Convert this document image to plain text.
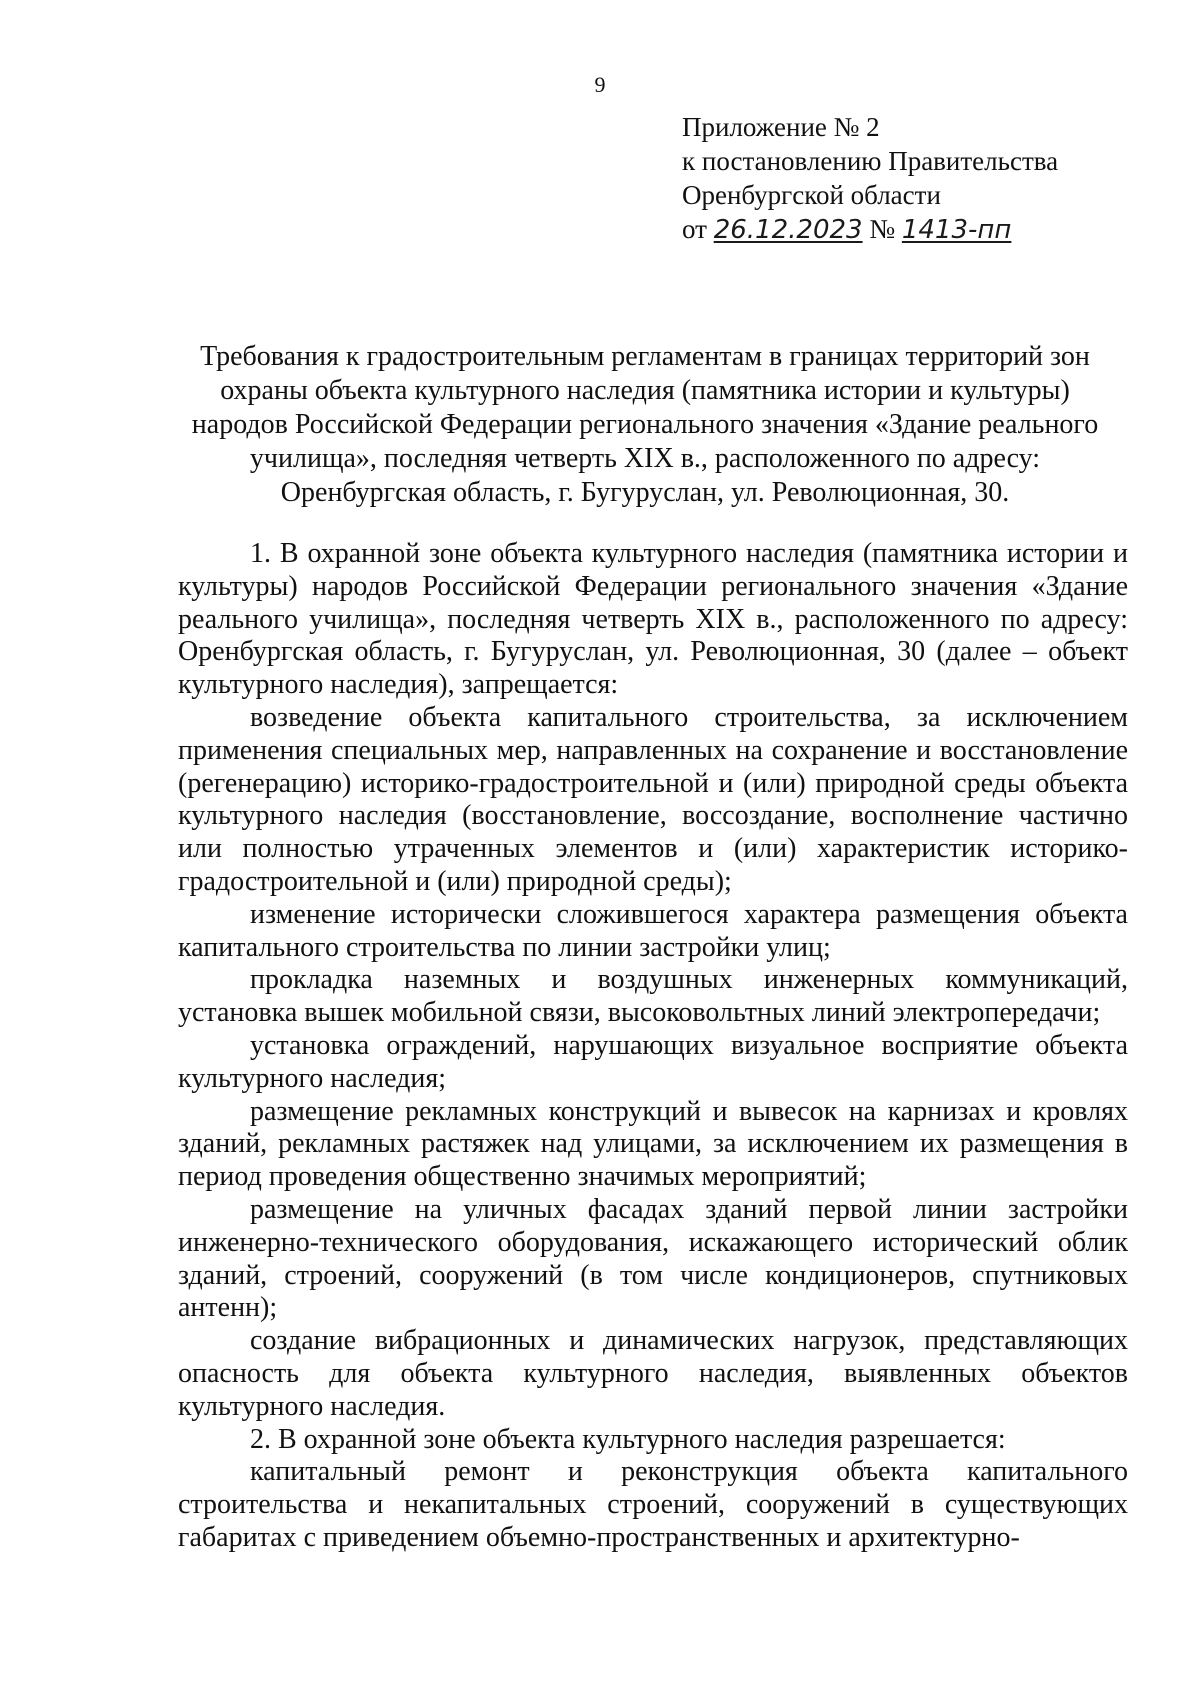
9
Приложение № 2
к постановлению Правительства
Оренбургской области
от 26.12.2023 № 1413-пп
Требования к градостроительным регламентам в границах территорий зон
охраны объекта культурного наследия (памятника истории и культуры)
народов Российской Федерации регионального значения «Здание реального
училища», последняя четверть XIX в., расположенного по адресу:
Оренбургская область, г. Бугуруслан, ул. Революционная, 30.

1. В охранной зоне объекта культурного наследия (памятника истории и культуры) народов Российской Федерации регионального значения «Здание реального училища», последняя четверть XIX в., расположенного по адресу: Оренбургская область, г. Бугуруслан, ул. Революционная, 30 (далее – объект культурного наследия), запрещается:

возведение объекта капитального строительства, за исключением применения специальных мер, направленных на сохранение и восстановление (регенерацию) историко-градостроительной и (или) природной среды объекта культурного наследия (восстановление, воссоздание, восполнение частично или полностью утраченных элементов и (или) характеристик историко-градостроительной и (или) природной среды);

изменение исторически сложившегося характера размещения объекта капитального строительства по линии застройки улиц;

прокладка наземных и воздушных инженерных коммуникаций, установка вышек мобильной связи, высоковольтных линий электропередачи;

установка ограждений, нарушающих визуальное восприятие объекта культурного наследия;

размещение рекламных конструкций и вывесок на карнизах и кровлях зданий, рекламных растяжек над улицами, за исключением их размещения в период проведения общественно значимых мероприятий;

размещение на уличных фасадах зданий первой линии застройки инженерно-технического оборудования, искажающего исторический облик зданий, строений, сооружений (в том числе кондиционеров, спутниковых антенн);

создание вибрационных и динамических нагрузок, представляющих опасность для объекта культурного наследия, выявленных объектов культурного наследия.

2. В охранной зоне объекта культурного наследия разрешается:

капитальный ремонт и реконструкция объекта капитального строительства и некапитальных строений, сооружений в существующих габаритах с приведением объемно-пространственных и архитектурно-
